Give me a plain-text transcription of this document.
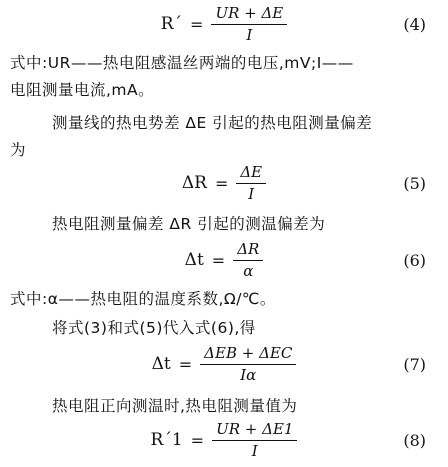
R´ = $\frac{UR + \Delta E}{I}$	(4)
式中:UR——热电阻感温丝两端的电压,mV;I——
电阻测量电流,mA。
测量线的热电势差 ΔE 引起的热电阻测量偏差
为
$\Delta R = \frac{\Delta E}{I}$	(5)
热电阻测量偏差 ΔR 引起的测温偏差为
$\Delta t = \frac{\Delta R}{\alpha}$	(6)
式中:α——热电阻的温度系数,Ω/℃。
将式(3)和式(5)代入式(6),得
$\Delta t = \frac{\text{ΔEB + ΔEC}}{I\alpha}$	(7)
热电阻正向测温时,热电阻测量值为
R´1 = $\frac{UR + \Delta E1}{I}$	(8)
